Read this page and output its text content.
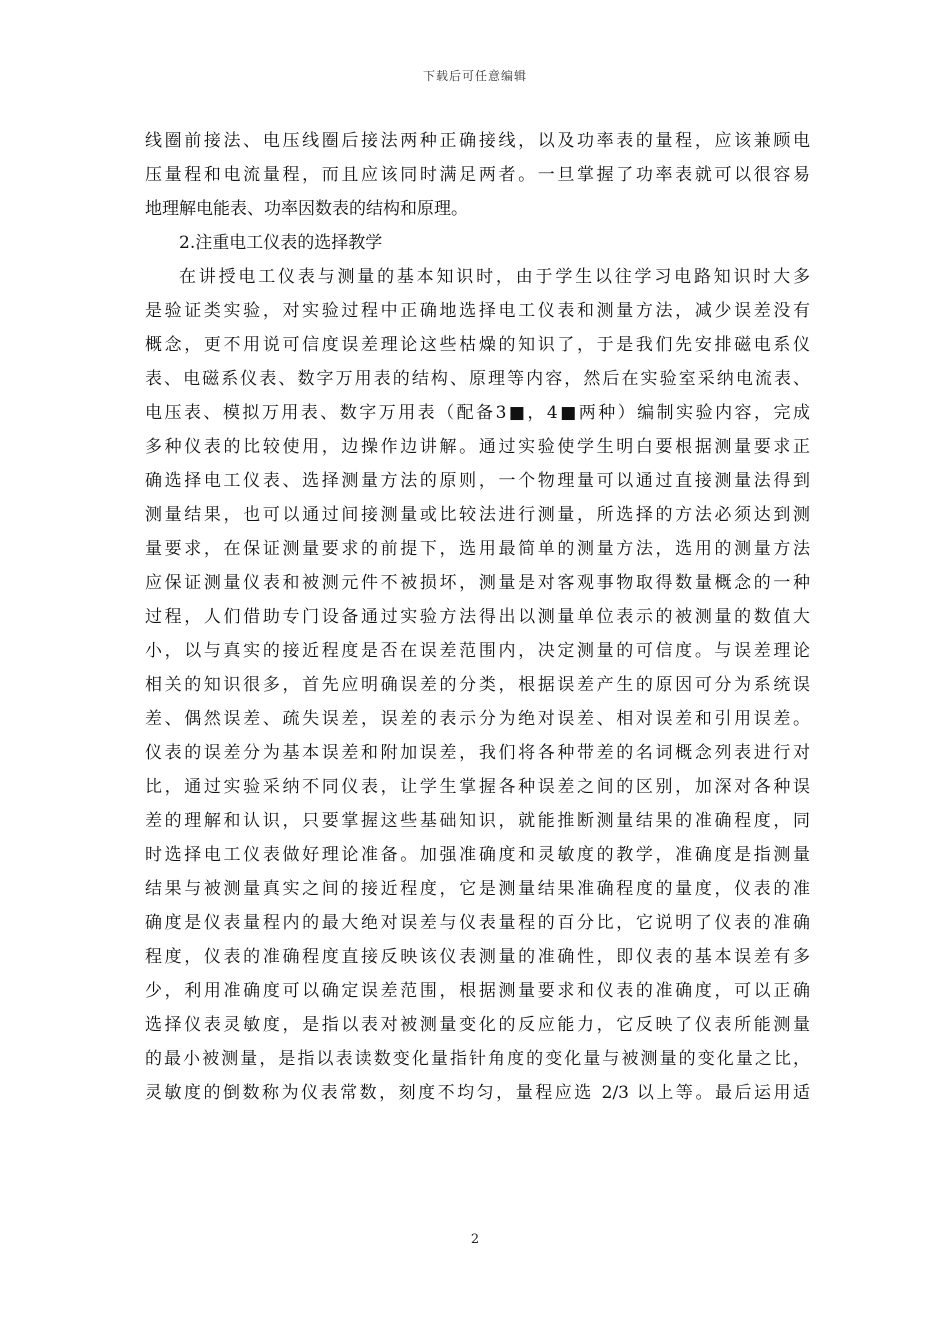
下载后可任意编辑
线圈前接法、电压线圈后接法两种正确接线，以及功率表的量程，应该兼顾电
压量程和电流量程，而且应该同时满足两者。一旦掌握了功率表就可以很容易
地理解电能表、功率因数表的结构和原理。
2.注重电工仪表的选择教学
在讲授电工仪表与测量的基本知识时，由于学生以往学习电路知识时大多
是验证类实验，对实验过程中正确地选择电工仪表和测量方法，减少误差没有
概念，更不用说可信度误差理论这些枯燥的知识了，于是我们先安排磁电系仪
表、电磁系仪表、数字万用表的结构、原理等内容，然后在实验室采纳电流表、
电压表、模拟万用表、数字万用表（配备3■，4■两种）编制实验内容，完成
多种仪表的比较使用，边操作边讲解。通过实验使学生明白要根据测量要求正
确选择电工仪表、选择测量方法的原则，一个物理量可以通过直接测量法得到
测量结果，也可以通过间接测量或比较法进行测量，所选择的方法必须达到测
量要求，在保证测量要求的前提下，选用最简单的测量方法，选用的测量方法
应保证测量仪表和被测元件不被损坏，测量是对客观事物取得数量概念的一种
过程，人们借助专门设备通过实验方法得出以测量单位表示的被测量的数值大
小，以与真实的接近程度是否在误差范围内，决定测量的可信度。与误差理论
相关的知识很多，首先应明确误差的分类，根据误差产生的原因可分为系统误
差、偶然误差、疏失误差，误差的表示分为绝对误差、相对误差和引用误差。
仪表的误差分为基本误差和附加误差，我们将各种带差的名词概念列表进行对
比，通过实验采纳不同仪表，让学生掌握各种误差之间的区别，加深对各种误
差的理解和认识，只要掌握这些基础知识，就能推断测量结果的准确程度，同
时选择电工仪表做好理论准备。加强准确度和灵敏度的教学，准确度是指测量
结果与被测量真实之间的接近程度，它是测量结果准确程度的量度，仪表的准
确度是仪表量程内的最大绝对误差与仪表量程的百分比，它说明了仪表的准确
程度，仪表的准确程度直接反映该仪表测量的准确性，即仪表的基本误差有多
少，利用准确度可以确定误差范围，根据测量要求和仪表的准确度，可以正确
选择仪表灵敏度，是指以表对被测量变化的反应能力，它反映了仪表所能测量
的最小被测量，是指以表读数变化量指针角度的变化量与被测量的变化量之比，
灵敏度的倒数称为仪表常数，刻度不均匀，量程应选 2/3 以上等。最后运用适
2
